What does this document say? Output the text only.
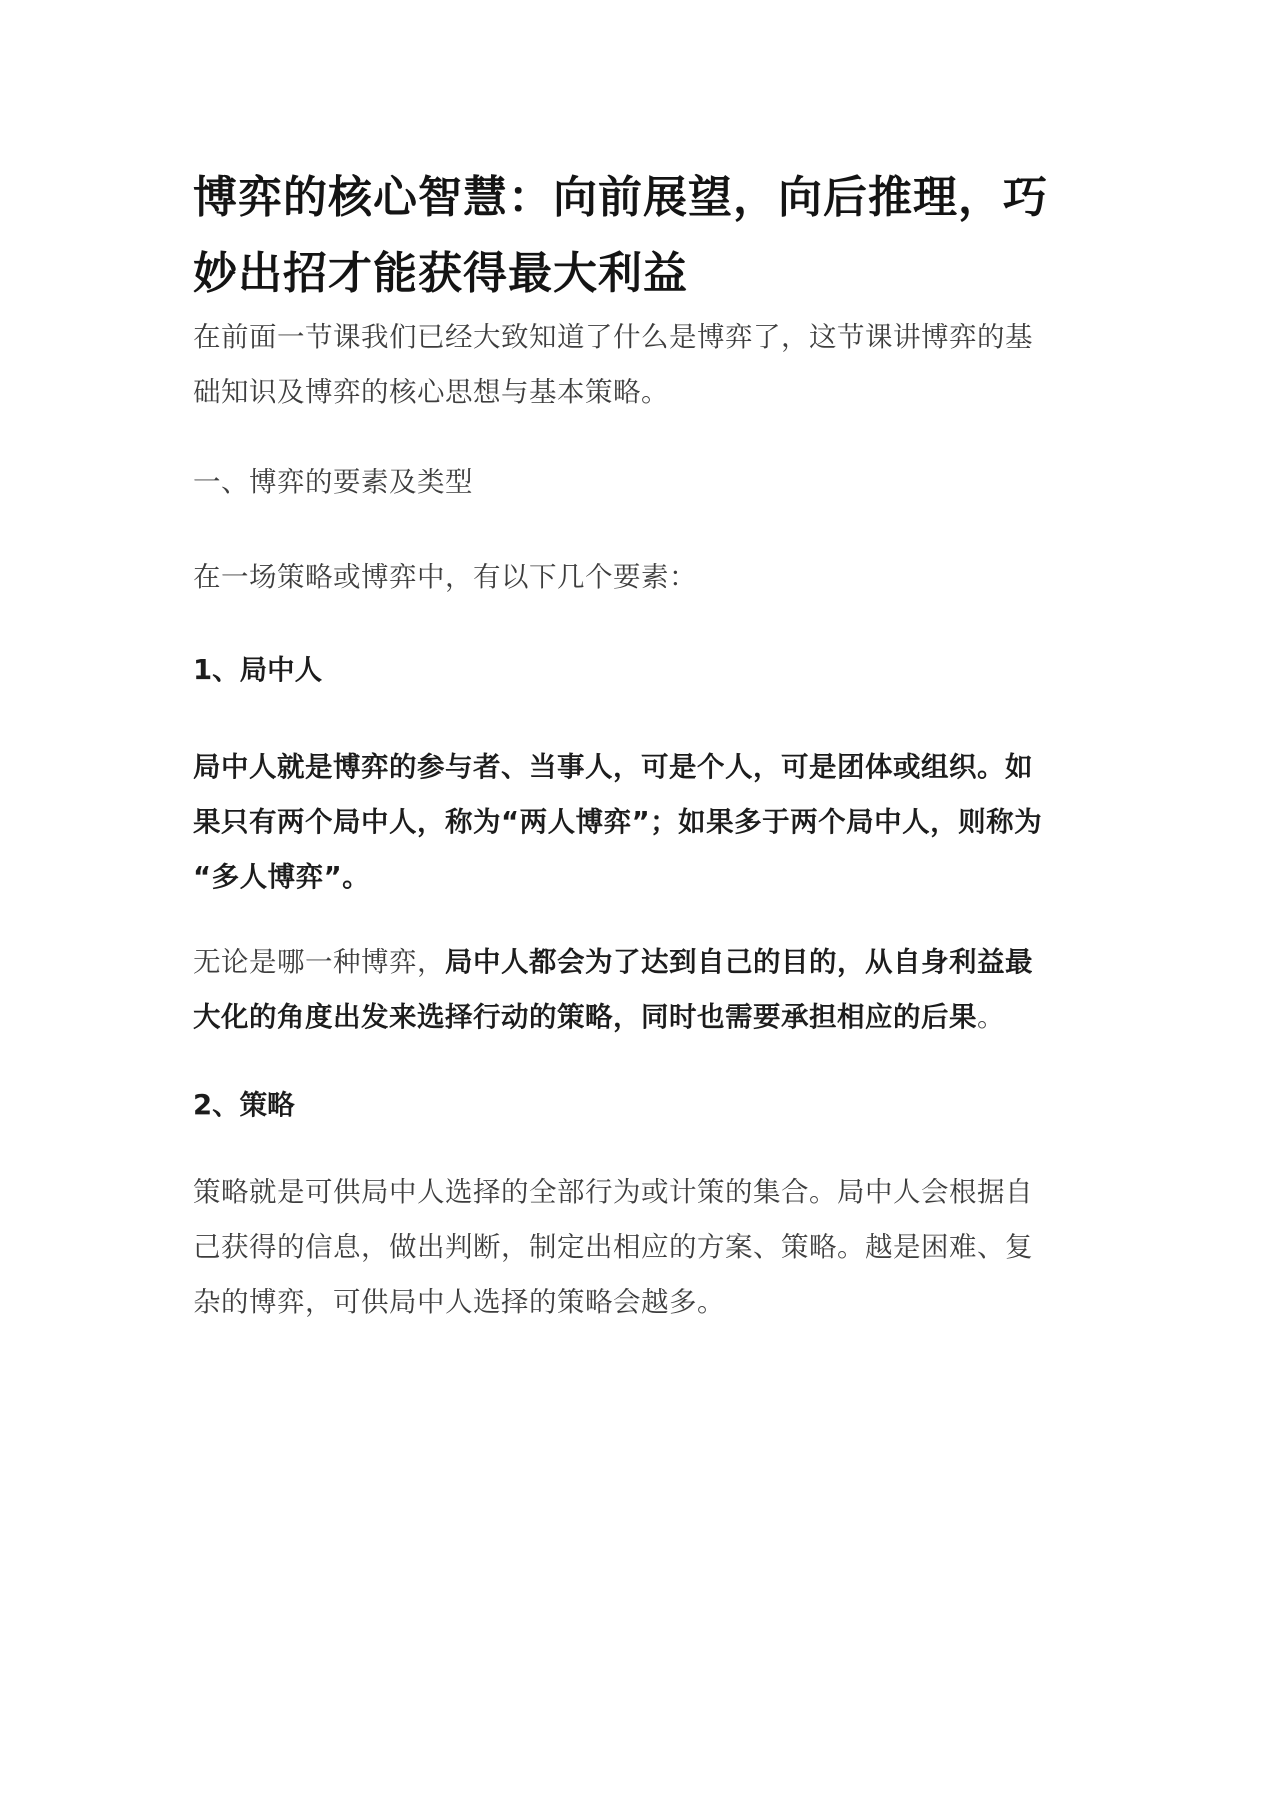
博弈的核心智慧：向前展望，向后推理，巧
妙出招才能获得最大利益

在前面一节课我们已经大致知道了什么是博弈了，这节课讲博弈的基
础知识及博弈的核心思想与基本策略。

一、博弈的要素及类型

在一场策略或博弈中，有以下几个要素：

1、局中人

局中人就是博弈的参与者、当事人，可是个人，可是团体或组织。如
果只有两个局中人，称为“两人博弈”；如果多于两个局中人，则称为
“多人博弈”。

无论是哪一种博弈，局中人都会为了达到自己的目的，从自身利益最
大化的角度出发来选择行动的策略，同时也需要承担相应的后果。

2、策略

策略就是可供局中人选择的全部行为或计策的集合。局中人会根据自
己获得的信息，做出判断，制定出相应的方案、策略。越是困难、复
杂的博弈，可供局中人选择的策略会越多。
